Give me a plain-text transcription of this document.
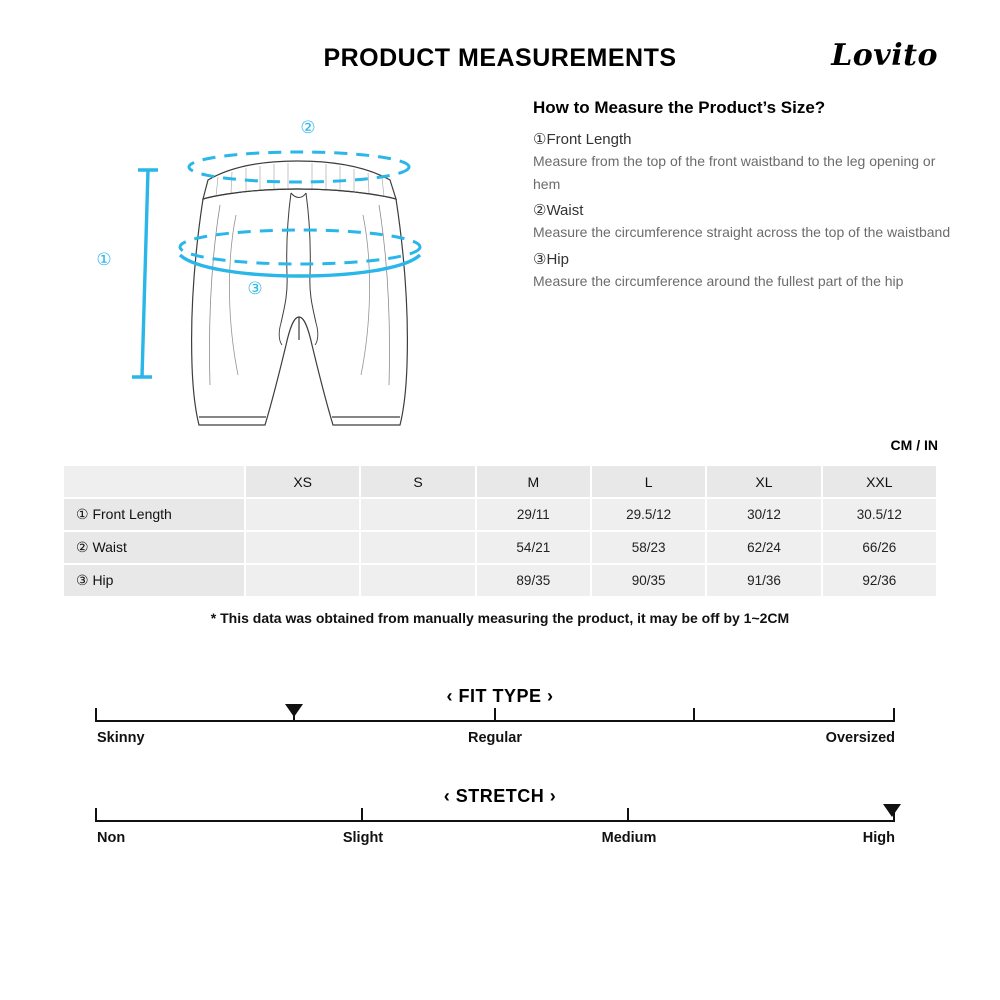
PRODUCT MEASUREMENTS	Lovito
②
①
③
How to Measure the Product’s Size?

①Front Length

Measure from the top of the front waistband to the leg opening or hem

②Waist

Measure the circumference straight across the top of the waistband

③Hip

Measure the circumference around the fullest part of the hip

CM / IN
	XS	S	M	L	XL	XXL
① Front Length			29/11	29.5/12	30/12	30.5/12
② Waist			54/21	58/23	62/24	66/26
③ Hip			89/35	90/35	91/36	92/36
* This data was obtained from manually measuring the product, it may be off by 1~2CM
‹ FIT TYPE ›
Skinny	Regular	Oversized
‹ STRETCH ›
Non	Slight	Medium	High
